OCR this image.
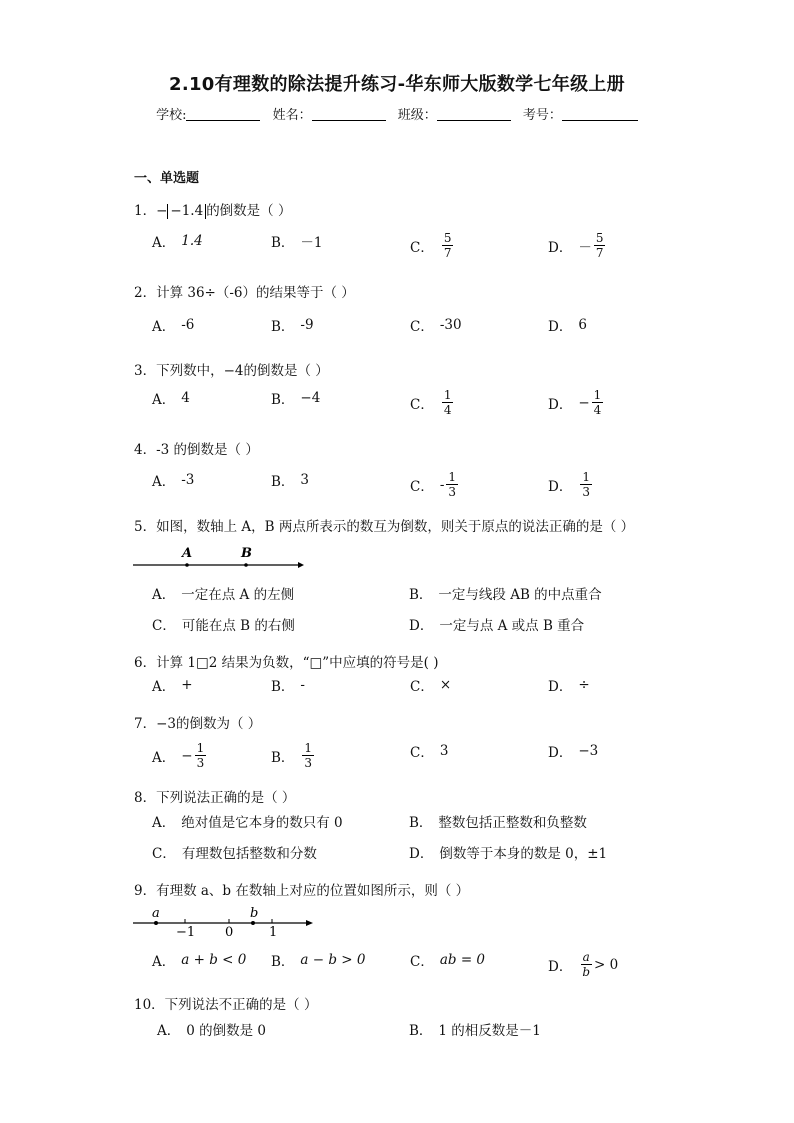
2.10有理数的除法提升练习-华东师大版数学七年级上册
学校:	姓名：	班级：	考号：
一、单选题
1．− −1.4 的倒数是（ ）
A． 1.4	B． －1	C． $\frac{5}{7}$	D． － $\frac{5}{7}$
2．计算 36÷（-6）的结果等于（ ）
A． -6	B． -9	C． -30	D． 6
3．下列数中，−4的倒数是（ ）
A． 4	B． −4	C． $\frac{1}{4}$	D． − $\frac{1}{4}$
4．-3 的倒数是（ ）
A． -3	B． 3	C． - $\frac{1}{3}$	D． $\frac{1}{3}$
5．如图，数轴上 A，B 两点所表示的数互为倒数，则关于原点的说法正确的是（ ）
A	B
A． 一定在点 A 的左侧	B． 一定与线段 AB 的中点重合
C． 可能在点 B 的右侧	D． 一定与点 A 或点 B 重合
6．计算 1□2 结果为负数，“□”中应填的符号是( )
A． +	B． -	C． ×	D． ÷
7．−3的倒数为（ ）
A． − $\frac{1}{3}$	B． $\frac{1}{3}$	C． 3	D． −3
8．下列说法正确的是（ ）
A． 绝对值是它本身的数只有 0	B． 整数包括正整数和负整数
C． 有理数包括整数和分数	D． 倒数等于本身的数是 0，±1
9．有理数 a、b 在数轴上对应的位置如图所示，则（ ）
a	b
−1 0	1
A． a + b < 0 B． a − b > 0	C． ab = 0	D． $\frac{a}{b} > 0$
10．下列说法不正确的是（ ）
A． 0 的倒数是 0	B． 1 的相反数是－1
